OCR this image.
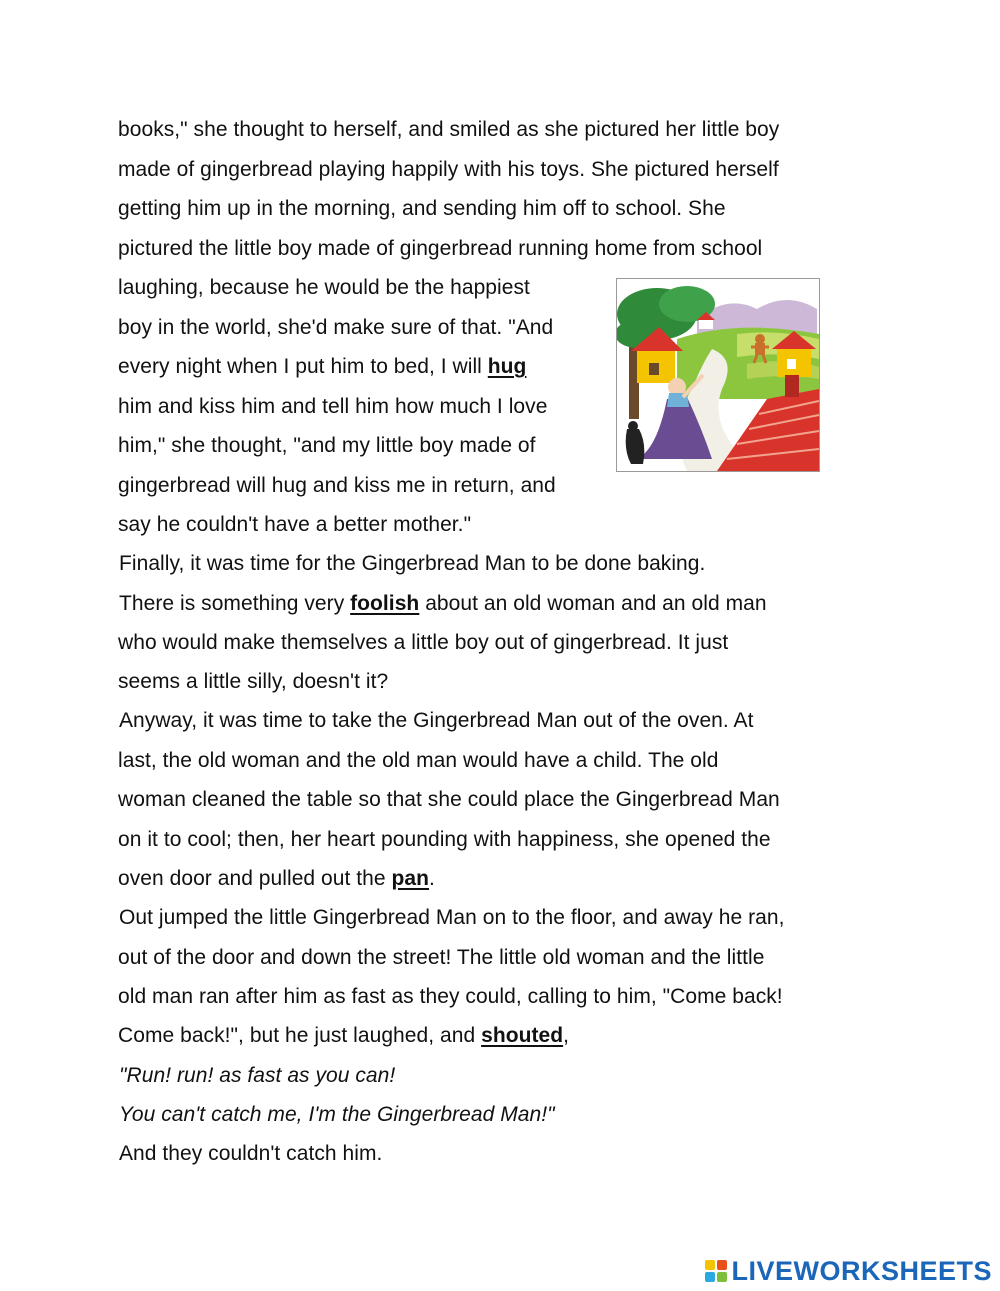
books," she thought to herself, and smiled as she pictured her little boy
made of gingerbread playing happily with his toys. She pictured herself
getting him up in the morning, and sending him off to school. She
pictured the little boy made of gingerbread running home from school
laughing, because he would be the happiest
boy in the world, she'd make sure of that. "And
every night when I put him to bed, I will hug
him and kiss him and tell him how much I love
him," she thought, "and my little boy made of
gingerbread will hug and kiss me in return, and
say he couldn't have a better mother."
Finally, it was time for the Gingerbread Man to be done baking.
There is something very foolish about an old woman and an old man
who would make themselves a little boy out of gingerbread. It just
seems a little silly, doesn't it?
Anyway, it was time to take the Gingerbread Man out of the oven. At
last, the old woman and the old man would have a child. The old
woman cleaned the table so that she could place the Gingerbread Man
on it to cool; then, her heart pounding with happiness, she opened the
oven door and pulled out the pan.
Out jumped the little Gingerbread Man on to the floor, and away he ran,
out of the door and down the street! The little old woman and the little
old man ran after him as fast as they could, calling to him, "Come back!
Come back!", but he just laughed, and shouted,
"Run! run! as fast as you can!
You can't catch me, I'm the Gingerbread Man!"
And they couldn't catch him.
LIVEWORKSHEETS
